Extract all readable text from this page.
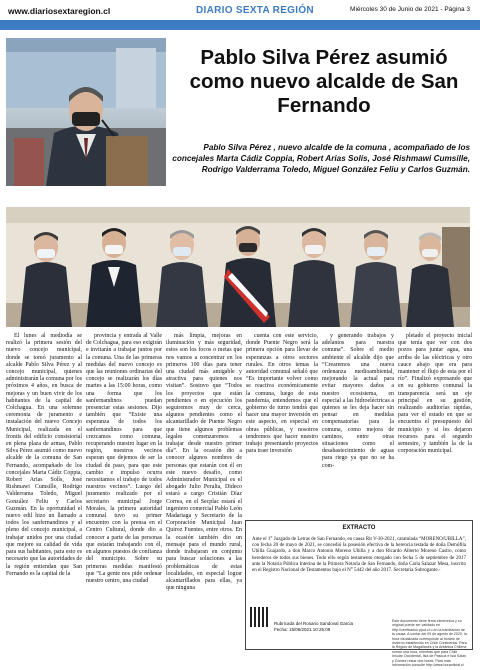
www.diariosextaregion.cl	DIARIO SEXTA REGIÓN	Miércoles 30 de Junio de 2021 - Página 3
Pablo Silva Pérez asumió como nuevo alcalde de San Fernando
Pablo Silva Pérez , nuevo alcalde de la comuna , acompañado de los concejales Marta Cádiz Coppia, Robert Arias Solís, José Rishmawi Cumsille, Rodrigo Valderrama Toledo, Miguel González Feliu y Carlos Guzmán.

El lunes al mediodía se realizó la primera sesión del nuevo concejo municipal, donde se tomó juramento al alcalde Pablo Silva Pérez y al concejo municipal, quienes administrarán la comuna por los próximos 4 años, en busca de mejoras y un buen vivir de los habitantes de la capital de Colchagua. En una solemne ceremonia de juramento e instalación del nuevo Concejo Municipal, realizada en el frontis del edificio consistorial en plena plaza de armas, Pablo Silva Pérez asumió como nuevo alcalde de la comuna de San Fernando, acompañado de los concejales Marta Cádiz Coppia, Robert Arias Solís, José Rishmawi Cumsille, Rodrigo Valderrama Toledo, Miguel González Feliu y Carlos Guzmán. En la oportunidad el nuevo edil hizo un llamado a todos los sanfernandinos y al pleno del concejo municipal, a trabajar unidos por una ciudad que mejore su calidad de vida para sus habitantes, para esto es necesario que las autoridades de la región entiendan que San Fernando es la capital de la

provincia y entrada al Valle de Colchagua, para eso exigirán e invitarán a trabajar juntos por la comuna. Una de las primeras medidas del nuevo concejo es que las reuniones ordinarias del concejo se realizarán los días martes a las 15:00 horas, como una forma que los sanfernandinos puedan presenciar estas sesiones. Dijo también que “Existe una esperanza de todos los sanfernandinos para que crezcamos como comuna, recuperando nuestro lugar en la región, nuestros vecinos esperan que dejemos de ser la ciudad de paso, para que este cambio e impulso ocurra necesitamos el trabajo de todos nuestros vecinos”. Luego del juramento realizado por el secretario municipal Jorge Morales, la primera autoridad comunal tuvo su primer encuentro con la prensa en el Centro Cultural, donde dio a conocer a parte de las personas que estarán trabajando con él, en algunos puestos de confianza del municipio. Sobre su primeras medidas manifestó que “La gente nos pide ordenar nuestro centro, una ciudad

más limpia, mejoras en iluminación y más seguridad, estos son los focos o metas que nos vamos a concentrar en los primeros 100 días para tener una ciudad más amigable y atractiva para quienes nos visitan”. Sostuvo que “Todos los proyectos que están pendientes o en ejecución los seguiremos muy de cerca, algunos pendientes como el alcantarillado de Puente Negro que tiene algunos problemas legales comenzaremos a trabajar desde nuestro primer día”. En la ocasión dio a conocer algunos nombres de personas que estarán con él en este nuevo desafío, como Administrador Municipal es el abogado Julio Peralta, Dideco estará a cargo Cristián Díaz Correa, en el Secplac estará el ingeniero comercial Pablo León Madariaga y Secretario de la Corporación Municipal Juan Quiroz Fuentes, entre otros. En la ocasión también dio un mensaje para el mundo rural, donde trabajaran en conjunto para buscar soluciones a las problemáticas de estas localidades, en especial lograr alcantarillados para ellas, ya que ninguna

cuenta con este servicio, donde Puente Negro será la primera opción para llevar de esperanzas a otros sectores rurales. En otros temas la autoridad comunal señaló que “Es importante volver como se reactiva económicamente la comuna, luego de esta pandemia, entendemos que el gobierno de turno tendrá que hacer una mayor inversión en este aspecto, en especial en obras públicas, y nosotros tendremos que hacer nuestro trabajo presentando proyectos para traer inversión

y generando trabajos y adelantos para nuestra comuna”. Sobre el medio ambiente el alcalde dijo que “Crearemos una nueva ordenanza medioambiental, mejorando la actual para evitar mayores daños a nuestro ecosistema, en especial a las hidroeléctricas a quienes se les deja hacer sin pensar en medidas compensatorias para la comuna, como mejora de caminos, entre otras situaciones como el desabastecimiento de aguas para riego ya que no se ha com-

pletado el proyecto inicial que tenía que ver con dos pozos para juntar agua, una arriba de las eléctricas y otro cauce abajo que era para mantener el flujo de esta por el río”. Finalizó expresando que en su gobierno comunal la transparencia será un eje principal en su gestión, realizando auditorías rápidas, para ver el estado en que se encuentra el presupuesto del municipio y si les dejaron recursos para el segundo semestre, y también la de la corporación municipal.

EXTRACTO
Ante el 1° Juzgado de Letras de San Fernando, en causa Rit V-30-2021, caratulada “MORENO/UBILLA”, con fecha 20 de mayo de 2021, se concedió la posesión efectiva de la herencia testada de doña Demófila Ubilla Guajardo, a don Marco Antonio Moreno Ubilla y a don Ricardo Alberto Moreno Castro, como herederos de todos sus bienes. Todo ello según testamento otorgado con fecha 5 de septiembre de 2017 ante la Notaría Pública Interina de la Primera Notaría de San Fernando, doña Carla Salazar Mesa, inscrito en el Registro Nacional de Testamentos bajo el N° 5442 del año 2017. Secretaria Subrogante.-
Rubricada del Rosario Sandoval Garcia
Fecha: 15/06/2021 10:25:09
Este documento tiene firma electrónica y su original puede ser validado en http://verificadoc.pjud.cl o en la tramitación de la causa. A contar del 09 de agosto de 2020, la hora visualizada corresponde al horario de invierno establecido en Chile Continental. Para la Región de Magallanes y la Antártica Chilena sumar una hora, mientras que para Chile Insular Occidental, Isla de Pascua e Isla Salas y Gómez restar dos horas. Para más información consulte http://www.horaoficial.cl
